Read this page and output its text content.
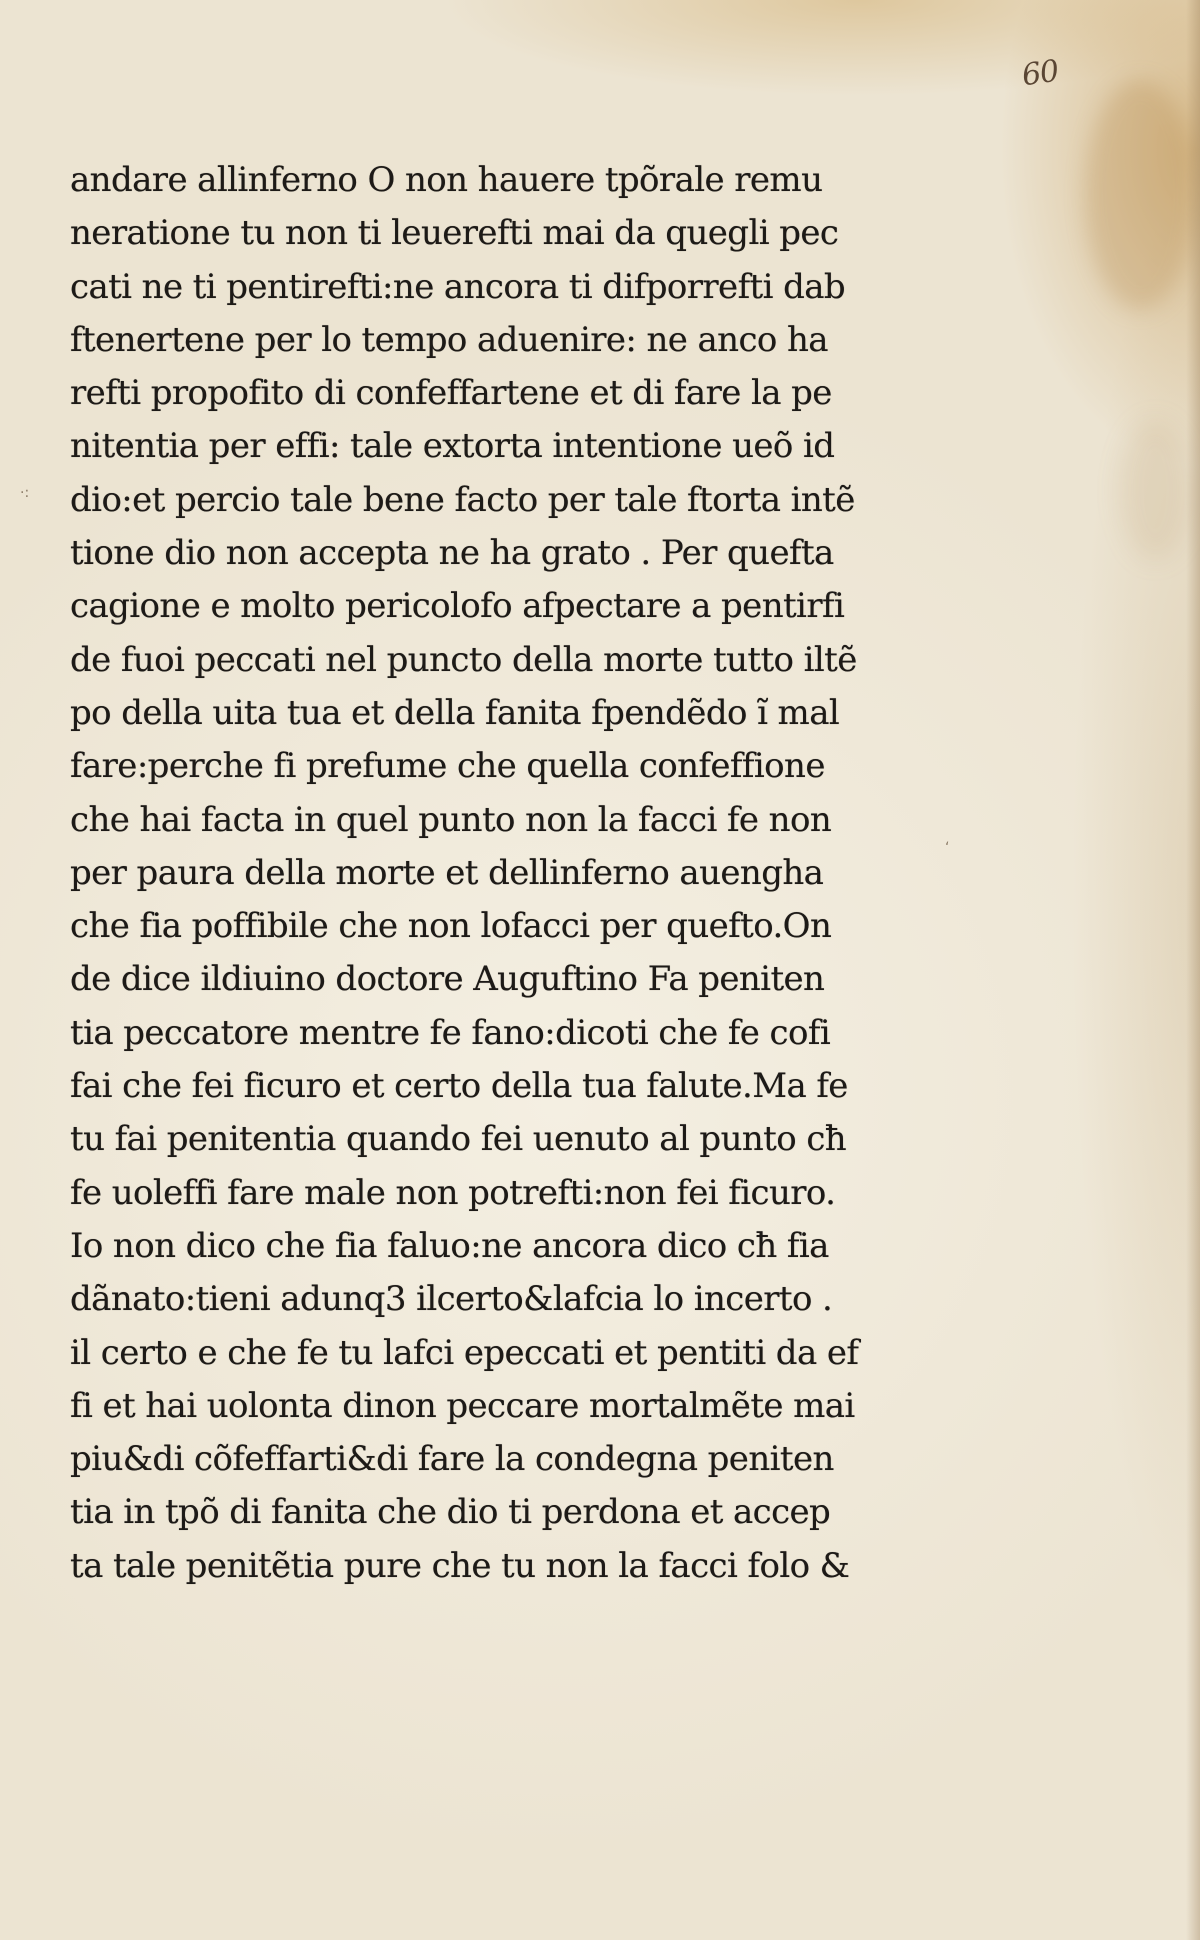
60
·:
‘
andare allinferno O non hauere tpõrale remu
neratione tu non ti leuerefti mai da quegli pec
cati ne ti pentirefti:ne ancora ti difporrefti dab
ftenertene per lo tempo aduenire: ne anco ha
refti propofito di confeffartene et di fare la pe
nitentia per effi: tale extorta intentione ueõ id
dio:et percio tale bene facto per tale ftorta intẽ
tione dio non accepta ne ha grato . Per quefta
cagione e molto pericolofo afpectare a pentirfi
de fuoi peccati nel puncto della morte tutto iltẽ
po della uita tua et della fanita fpendẽdo ĩ mal
fare:perche fi prefume che quella confeffione
che hai facta in quel punto non la facci fe non
per paura della morte et dellinferno auengha
che fia poffibile che non lofacci per quefto.On
de dice ildiuino doctore Auguftino Fa peniten
tia peccatore mentre fe fano:dicoti che fe cofi
fai che fei ficuro et certo della tua falute.Ma fe
tu fai penitentia quando fei uenuto al punto cħ
fe uoleffi fare male non potrefti:non fei ficuro.
Io non dico che fia faluo:ne ancora dico cħ fia
dãnato:tieni adunq3 ilcerto&lafcia lo incerto .
il certo e che fe tu lafci epeccati et pentiti da ef
fi et hai uolonta dinon peccare mortalmẽte mai
piu&di cõfeffarti&di fare la condegna peniten
tia in tpõ di fanita che dio ti perdona et accep
ta tale penitẽtia pure che tu non la facci folo &
